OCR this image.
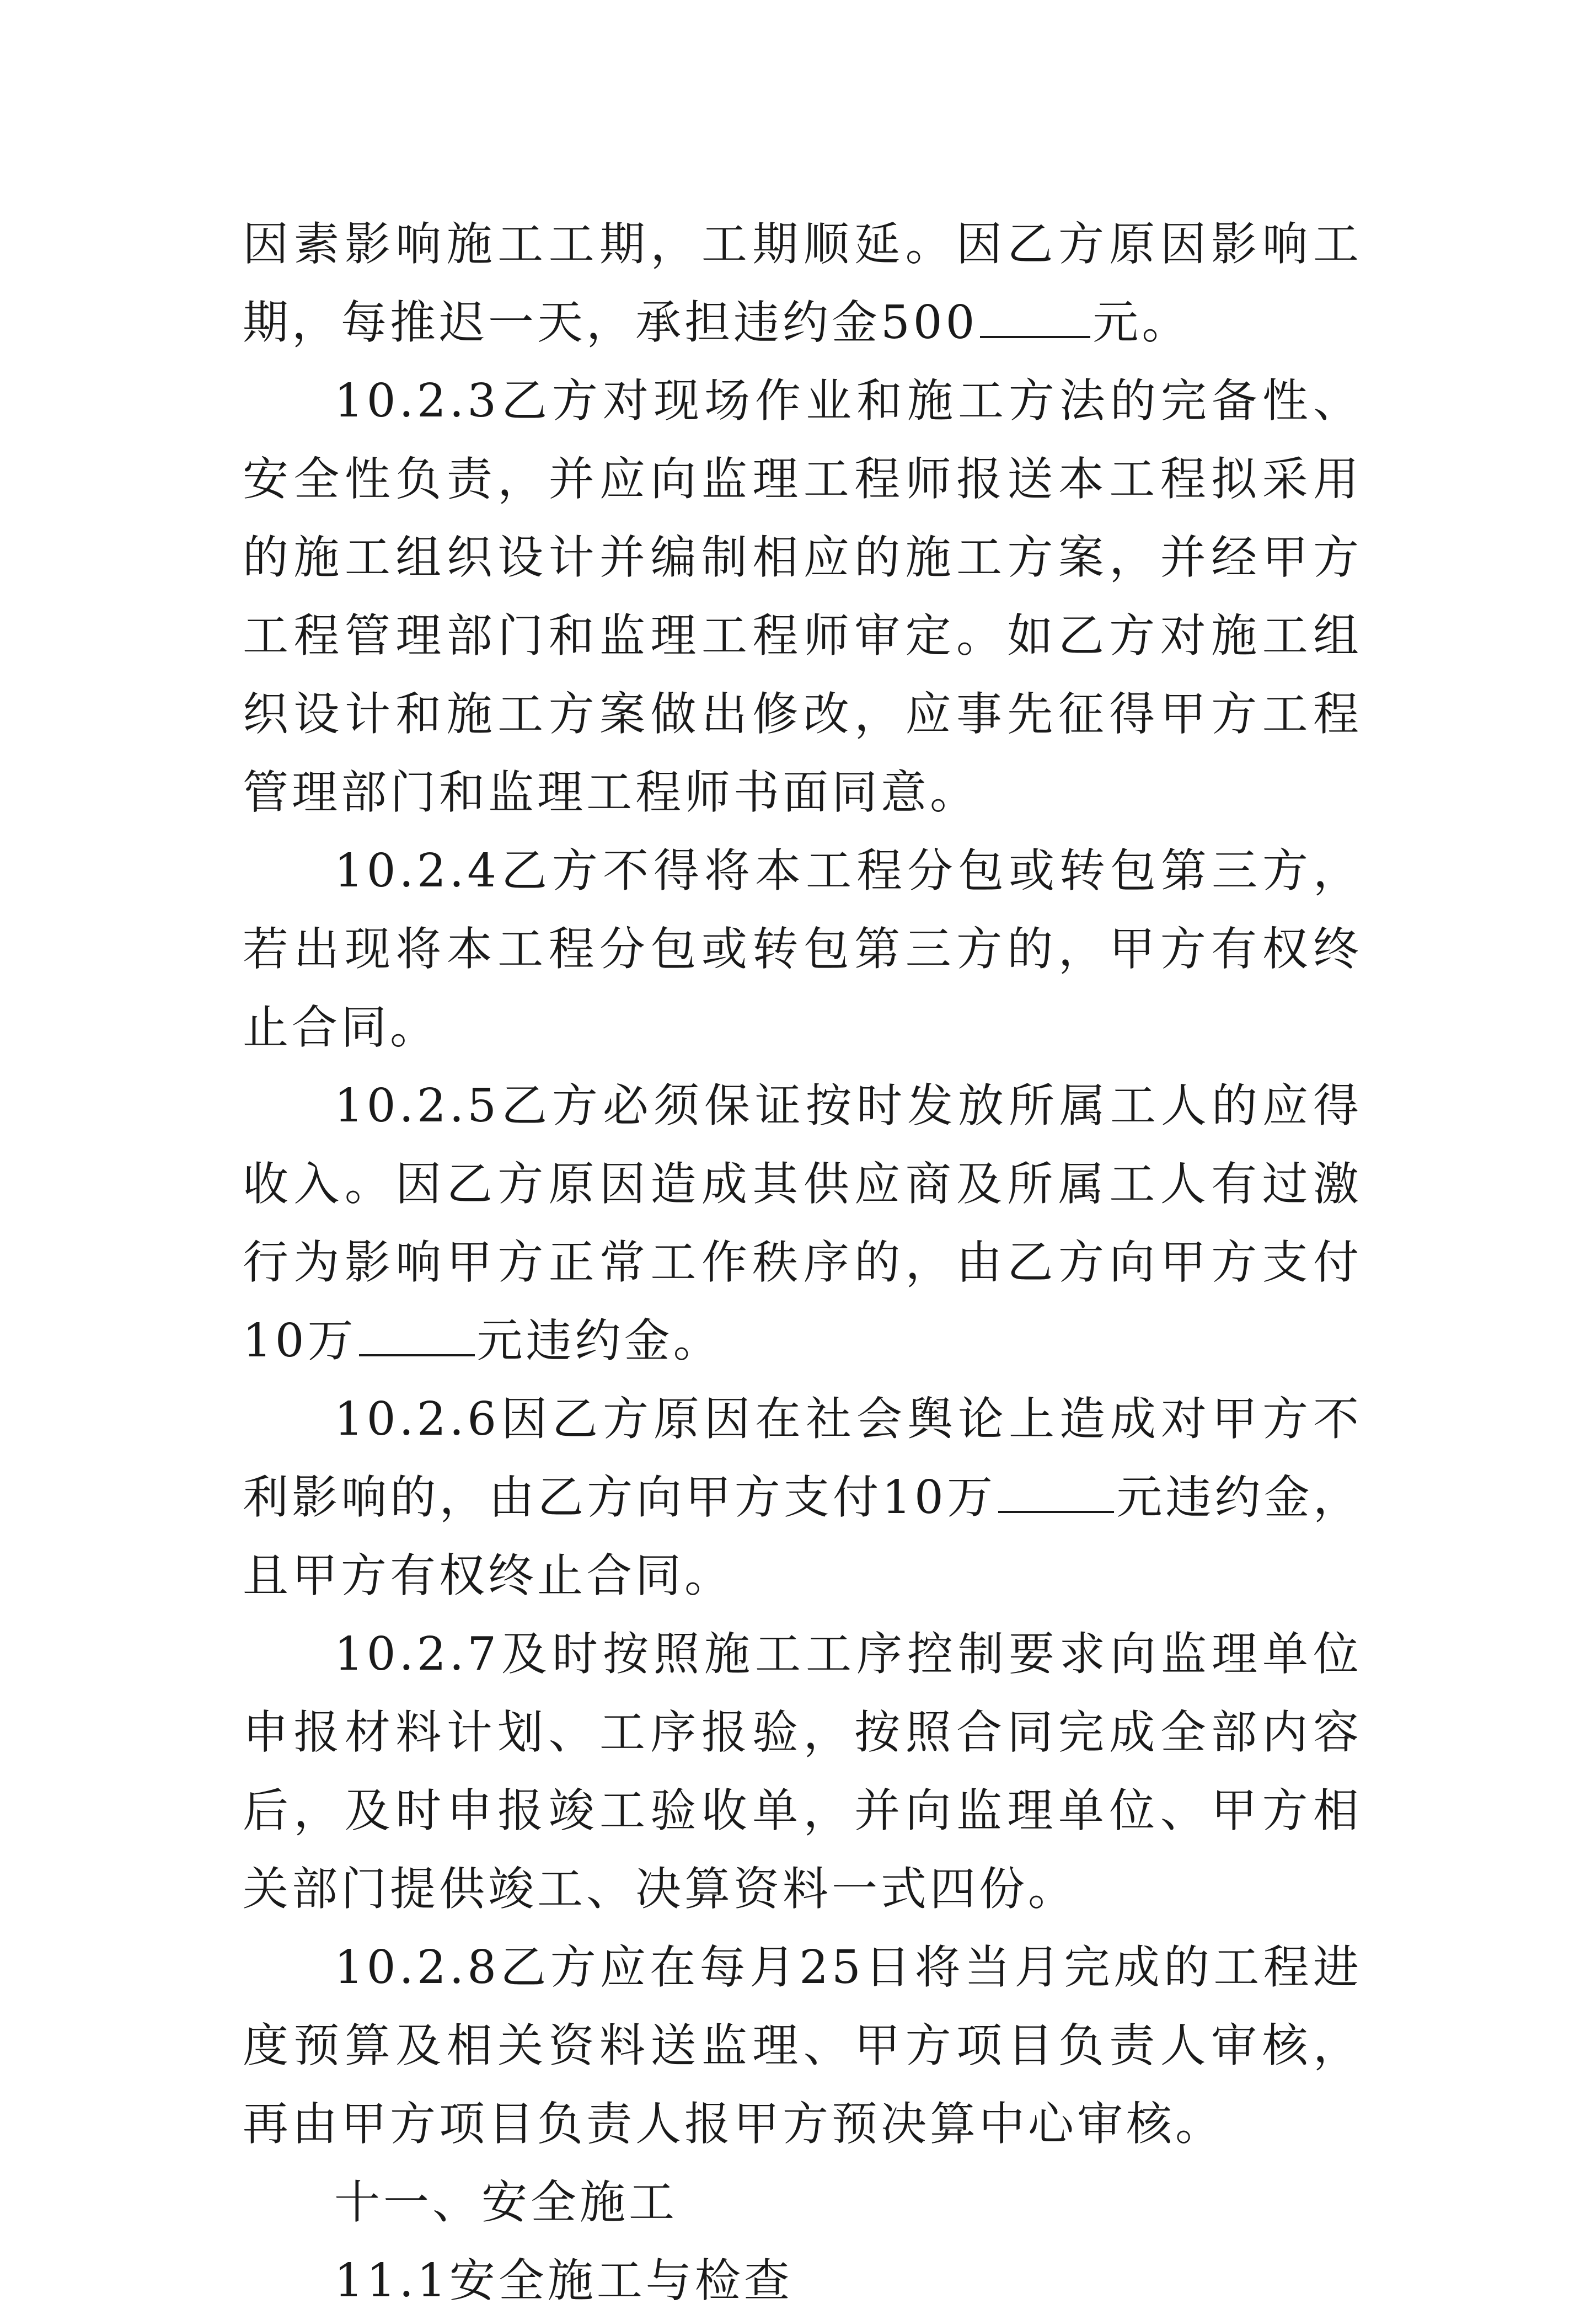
因素影响施工工期，工期顺延。因乙方原因影响工期，每推迟一天，承担违约金500	元。

10.2.3乙方对现场作业和施工方法的完备性、安全性负责，并应向监理工程师报送本工程拟采用的施工组织设计并编制相应的施工方案，并经甲方工程管理部门和监理工程师审定。如乙方对施工组织设计和施工方案做出修改，应事先征得甲方工程管理部门和监理工程师书面同意。

10.2.4乙方不得将本工程分包或转包第三方，若出现将本工程分包或转包第三方的，甲方有权终止合同。

10.2.5乙方必须保证按时发放所属工人的应得收入。因乙方原因造成其供应商及所属工人有过激行为影响甲方正常工作秩序的，由乙方向甲方支付10万	元违约金。

10.2.6因乙方原因在社会舆论上造成对甲方不利影响的，由乙方向甲方支付10万	元违约金，且甲方有权终止合同。

10.2.7及时按照施工工序控制要求向监理单位申报材料计划、工序报验，按照合同完成全部内容后，及时申报竣工验收单，并向监理单位、甲方相关部门提供竣工、决算资料一式四份。

10.2.8乙方应在每月25日将当月完成的工程进度预算及相关资料送监理、甲方项目负责人审核，再由甲方项目负责人报甲方预决算中心审核。

十一、安全施工

11.1安全施工与检查
